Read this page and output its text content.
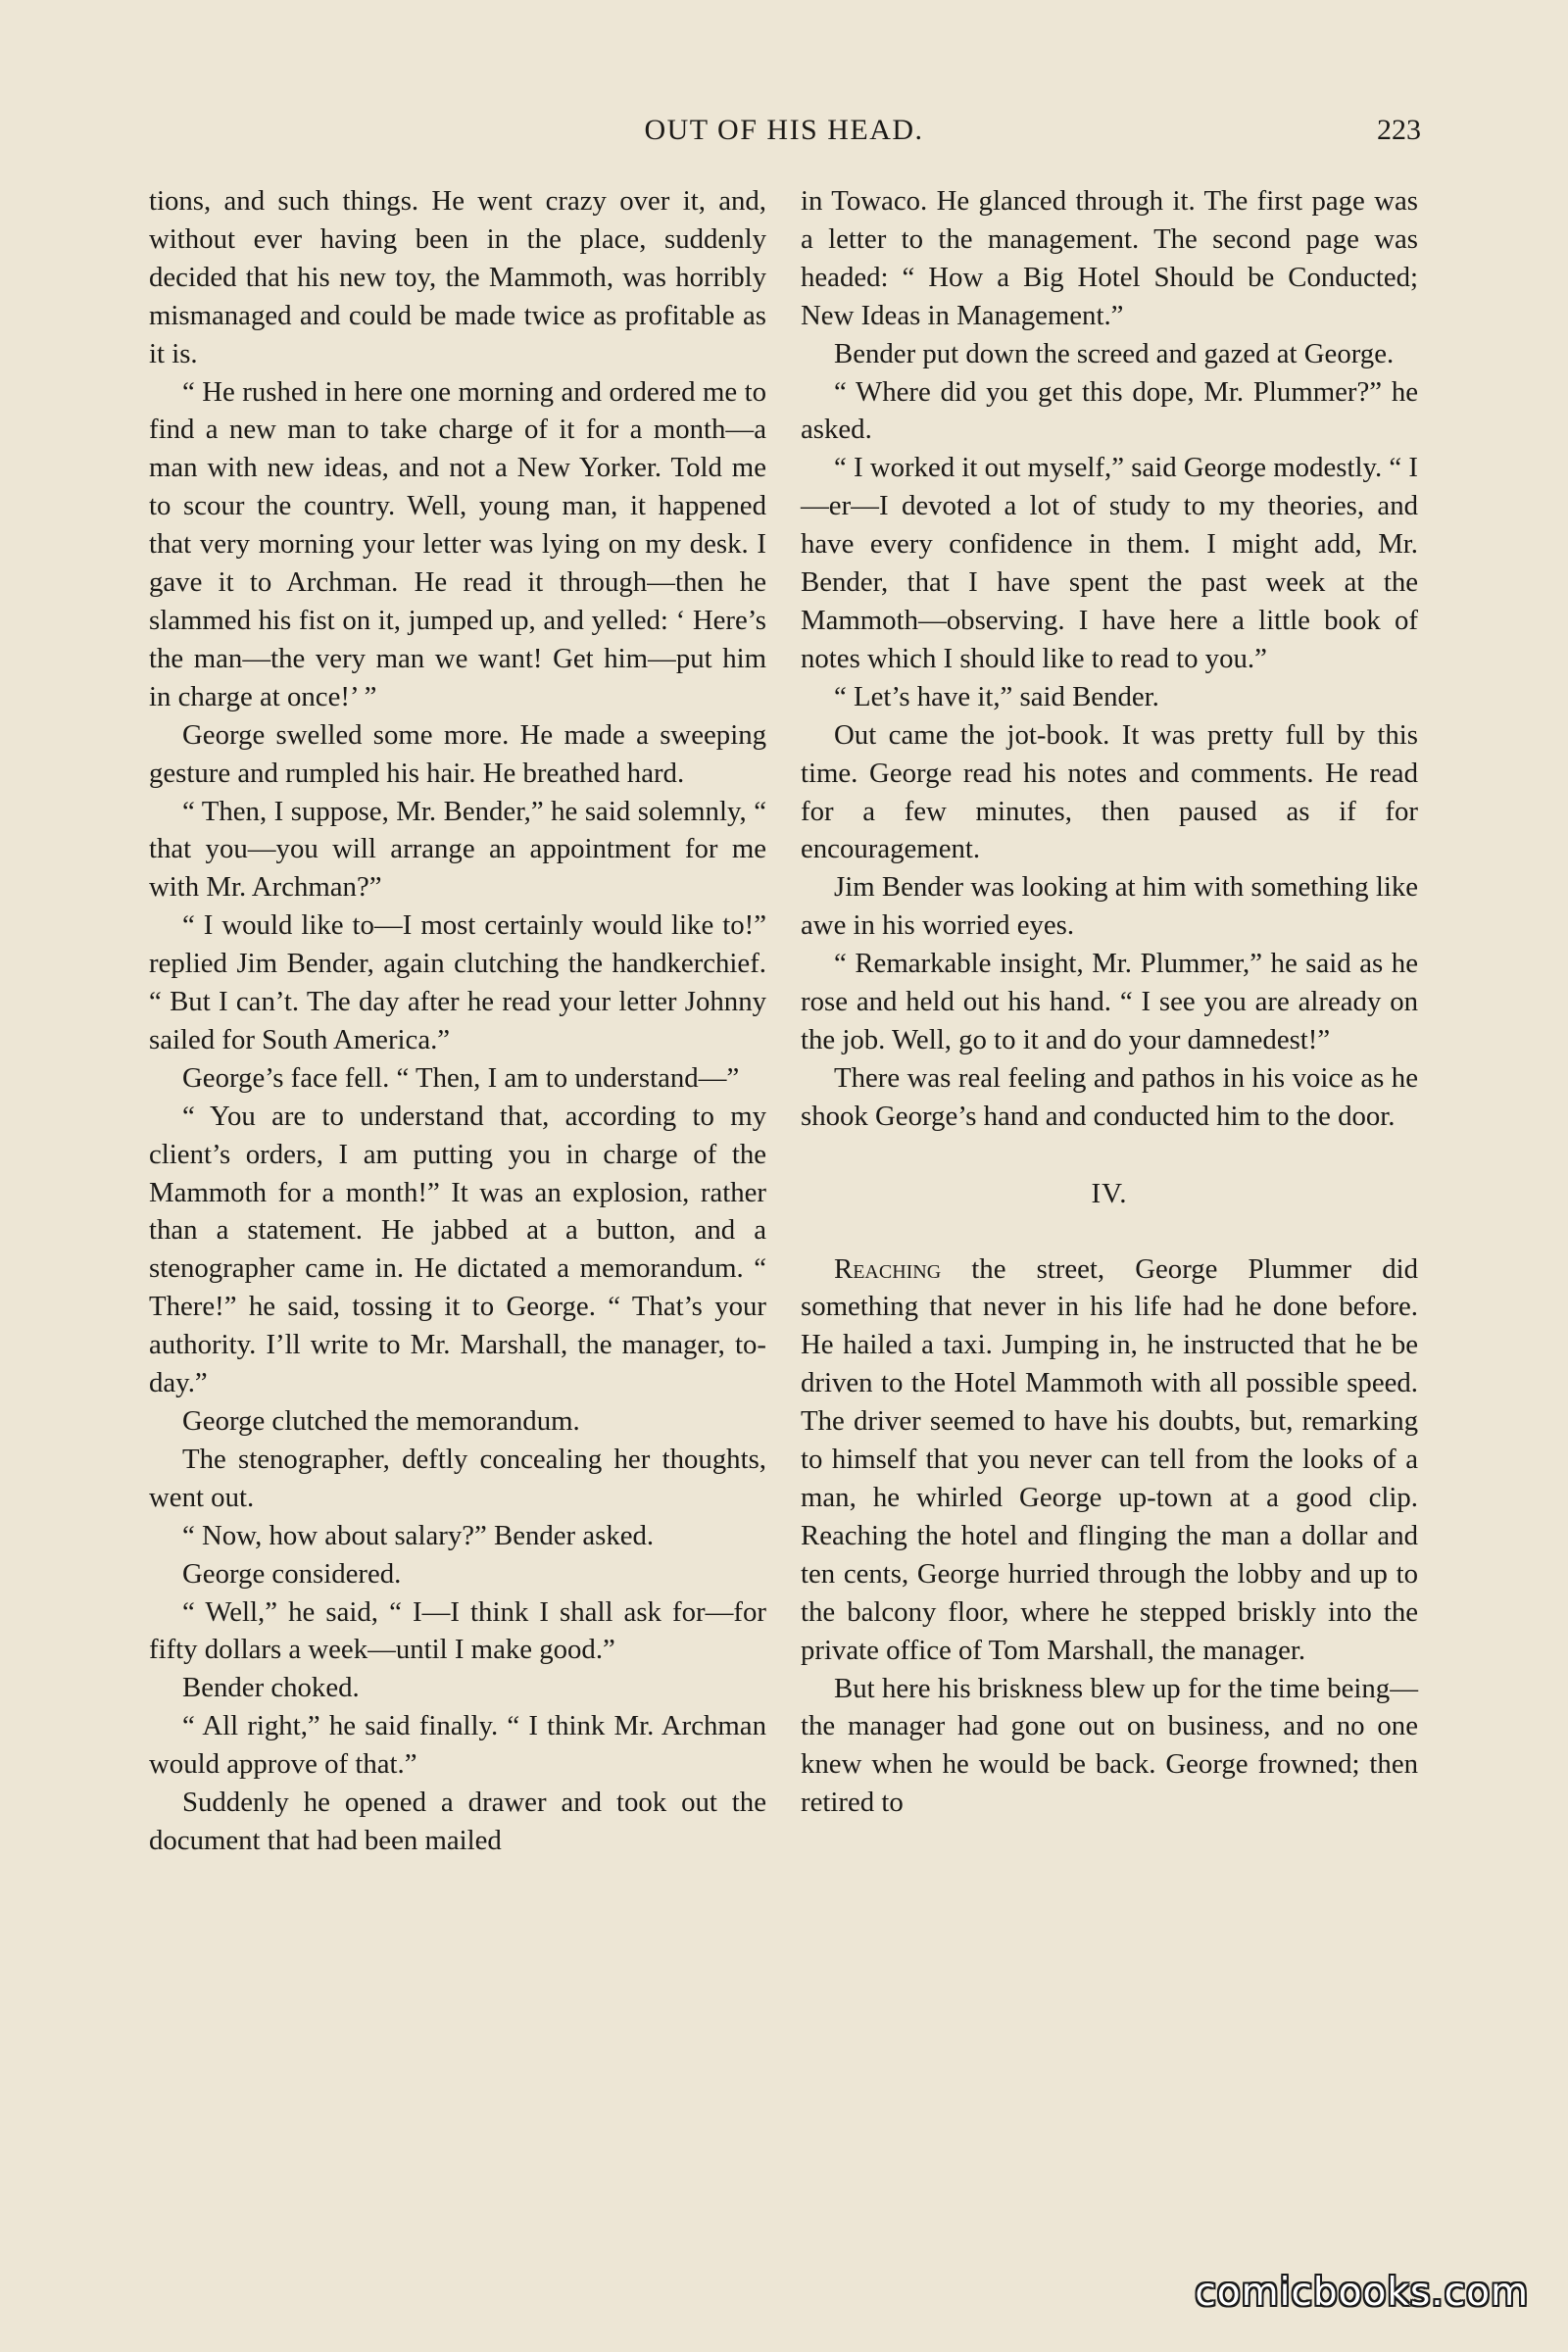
OUT OF HIS HEAD.	223

tions, and such things. He went crazy over it, and, without ever having been in the place, suddenly decided that his new toy, the Mammoth, was horribly mismanaged and could be made twice as profitable as it is.

“ He rushed in here one morning and ordered me to find a new man to take charge of it for a month—a man with new ideas, and not a New Yorker. Told me to scour the country. Well, young man, it happened that very morning your letter was lying on my desk. I gave it to Archman. He read it through—then he slammed his fist on it, jumped up, and yelled: ‘ Here’s the man—the very man we want! Get him—put him in charge at once!’ ”

George swelled some more. He made a sweeping gesture and rumpled his hair. He breathed hard.

“ Then, I suppose, Mr. Bender,” he said solemnly, “ that you—you will arrange an appointment for me with Mr. Archman?”

“ I would like to—I most certainly would like to!” replied Jim Bender, again clutching the handkerchief. “ But I can’t. The day after he read your letter Johnny sailed for South America.”

George’s face fell. “ Then, I am to understand—”

“ You are to understand that, according to my client’s orders, I am putting you in charge of the Mammoth for a month!” It was an explosion, rather than a statement. He jabbed at a button, and a stenographer came in. He dictated a memorandum. “ There!” he said, tossing it to George. “ That’s your authority. I’ll write to Mr. Marshall, the manager, to-day.”

George clutched the memorandum.

The stenographer, deftly concealing her thoughts, went out.

“ Now, how about salary?” Bender asked.

George considered.

“ Well,” he said, “ I—I think I shall ask for—for fifty dollars a week—until I make good.”

Bender choked.

“ All right,” he said finally. “ I think Mr. Archman would approve of that.”

Suddenly he opened a drawer and took out the document that had been mailed

in Towaco. He glanced through it. The first page was a letter to the management. The second page was headed: “ How a Big Hotel Should be Conducted; New Ideas in Management.”

Bender put down the screed and gazed at George.

“ Where did you get this dope, Mr. Plummer?” he asked.

“ I worked it out myself,” said George modestly. “ I—er—I devoted a lot of study to my theories, and have every confidence in them. I might add, Mr. Bender, that I have spent the past week at the Mammoth—observing. I have here a little book of notes which I should like to read to you.”

“ Let’s have it,” said Bender.

Out came the jot-book. It was pretty full by this time. George read his notes and comments. He read for a few minutes, then paused as if for encouragement.

Jim Bender was looking at him with something like awe in his worried eyes.

“ Remarkable insight, Mr. Plummer,” he said as he rose and held out his hand. “ I see you are already on the job. Well, go to it and do your damnedest!”

There was real feeling and pathos in his voice as he shook George’s hand and conducted him to the door.

IV.

Reaching the street, George Plummer did something that never in his life had he done before. He hailed a taxi. Jumping in, he instructed that he be driven to the Hotel Mammoth with all possible speed. The driver seemed to have his doubts, but, remarking to himself that you never can tell from the looks of a man, he whirled George up-town at a good clip. Reaching the hotel and flinging the man a dollar and ten cents, George hurried through the lobby and up to the balcony floor, where he stepped briskly into the private office of Tom Marshall, the manager.

But here his briskness blew up for the time being—the manager had gone out on business, and no one knew when he would be back. George frowned; then retired to

comicbooks.com
